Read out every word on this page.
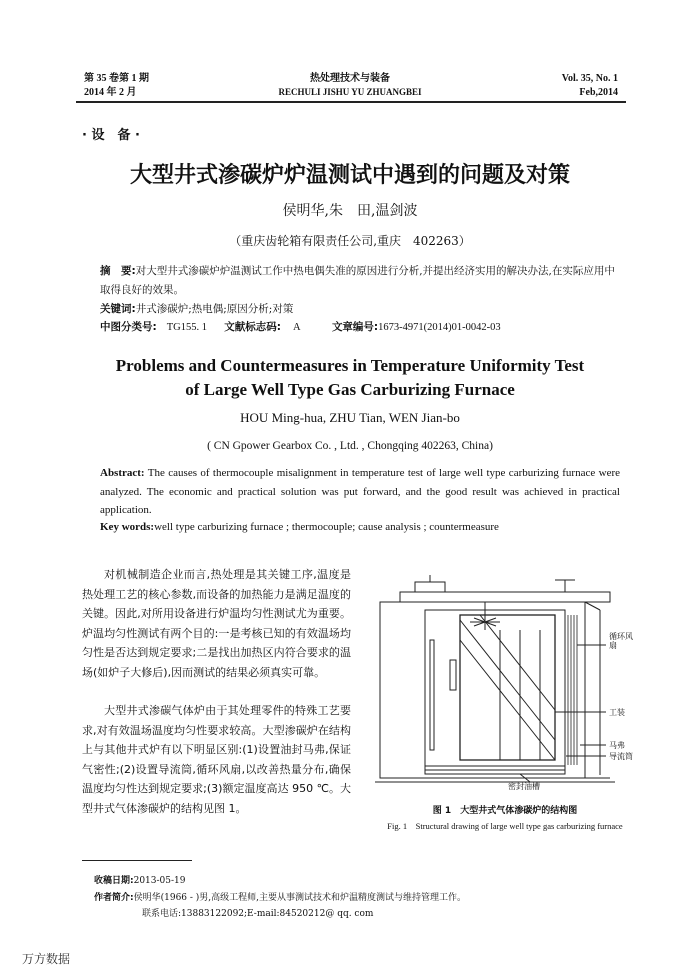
第 35 卷第 1 期
2014 年 2 月
热处理技术与装备
RECHULI JISHU YU ZHUANGBEI
Vol. 35, No. 1
Feb,2014
· 设　备 ·
大型井式渗碳炉炉温测试中遇到的问题及对策
侯明华,朱　田,温剑波
（重庆齿轮箱有限责任公司,重庆　402263）
摘　要:对大型井式渗碳炉炉温测试工作中热电偶失准的原因进行分析,并提出经济实用的解决办法,在实际应用中取得良好的效果。
关键词:井式渗碳炉;热电偶;原因分析;对策
中图分类号: TG155. 1 文献标志码: A	文章编号:1673-4971(2014)01-0042-03
Problems and Countermeasures in Temperature Uniformity Test
of Large Well Type Gas Carburizing Furnace
HOU Ming-hua, ZHU Tian, WEN Jian-bo
( CN Gpower Gearbox Co. , Ltd. , Chongqing 402263, China)
Abstract: The causes of thermocouple misalignment in temperature test of large well type carburizing furnace were analyzed. The economic and practical solution was put forward, and the good result was achieved in practical application.
Key words:well type carburizing furnace ; thermocouple; cause analysis ; countermeasure
对机械制造企业而言,热处理是其关键工序,温度是热处理工艺的核心参数,而设备的加热能力是满足温度的关键。因此,对所用设备进行炉温均匀性测试尤为重要。炉温均匀性测试有两个目的:一是考核已知的有效温场均匀性是否达到规定要求;二是找出加热区内符合要求的温场(如炉子大修后),因而测试的结果必须真实可靠。
大型井式渗碳气体炉由于其处理零件的特殊工艺要求,对有效温场温度均匀性要求较高。大型渗碳炉在结构上与其他井式炉有以下明显区别:(1)设置油封马弗,保证气密性;(2)设置导流筒,循环风扇,以改善热量分布,确保温度均匀性达到规定要求;(3)额定温度高达 950 ℃。大型井式气体渗碳炉的结构见图 1。
循环风扇
工装
马弗
导流筒
密封油槽
图 1　大型井式气体渗碳炉的结构图
Fig. 1　Structural drawing of large well type gas carburizing furnace
收稿日期:2013-05-19
作者简介:侯明华(1966 - )男,高级工程师,主要从事测试技术和炉温精度测试与维持管理工作。
联系电话:13883122092;E-mail:84520212@ qq. com
万方数据
